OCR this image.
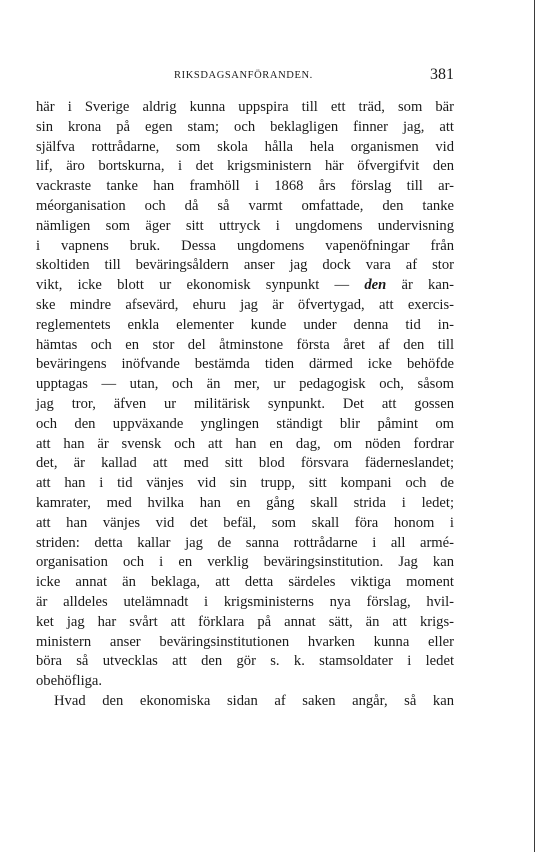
RIKSDAGSANFÖRANDEN.	381
här i Sverige aldrig kunna uppspira till ett träd, som bär
sin krona på egen stam; och beklagligen finner jag, att
själfva rottrådarne, som skola hålla hela organismen vid
lif, äro bortskurna, i det krigsministern här öfvergifvit den
vackraste tanke han framhöll i 1868 års förslag till ar-
méorganisation och då så varmt omfattade, den tanke
nämligen som äger sitt uttryck i ungdomens undervisning
i vapnens bruk. Dessa ungdomens vapenöfningar från
skoltiden till beväringsåldern anser jag dock vara af stor
vikt, icke blott ur ekonomisk synpunkt — den är kan-
ske mindre afsevärd, ehuru jag är öfvertygad, att exercis-
reglementets enkla elementer kunde under denna tid in-
hämtas och en stor del åtminstone första året af den till
beväringens inöfvande bestämda tiden därmed icke behöfde
upptagas — utan, och än mer, ur pedagogisk och, såsom
jag tror, äfven ur militärisk synpunkt. Det att gossen
och den uppväxande ynglingen ständigt blir påmint om
att han är svensk och att han en dag, om nöden fordrar
det, är kallad att med sitt blod försvara fäderneslandet;
att han i tid vänjes vid sin trupp, sitt kompani och de
kamrater, med hvilka han en gång skall strida i ledet;
att han vänjes vid det befäl, som skall föra honom i
striden: detta kallar jag de sanna rottrådarne i all armé-
organisation och i en verklig beväringsinstitution. Jag kan
icke annat än beklaga, att detta särdeles viktiga moment
är alldeles utelämnadt i krigsministerns nya förslag, hvil-
ket jag har svårt att förklara på annat sätt, än att krigs-
ministern anser beväringsinstitutionen hvarken kunna eller
böra så utvecklas att den gör s. k. stamsoldater i ledet
obehöfliga.
Hvad den ekonomiska sidan af saken angår, så kan
